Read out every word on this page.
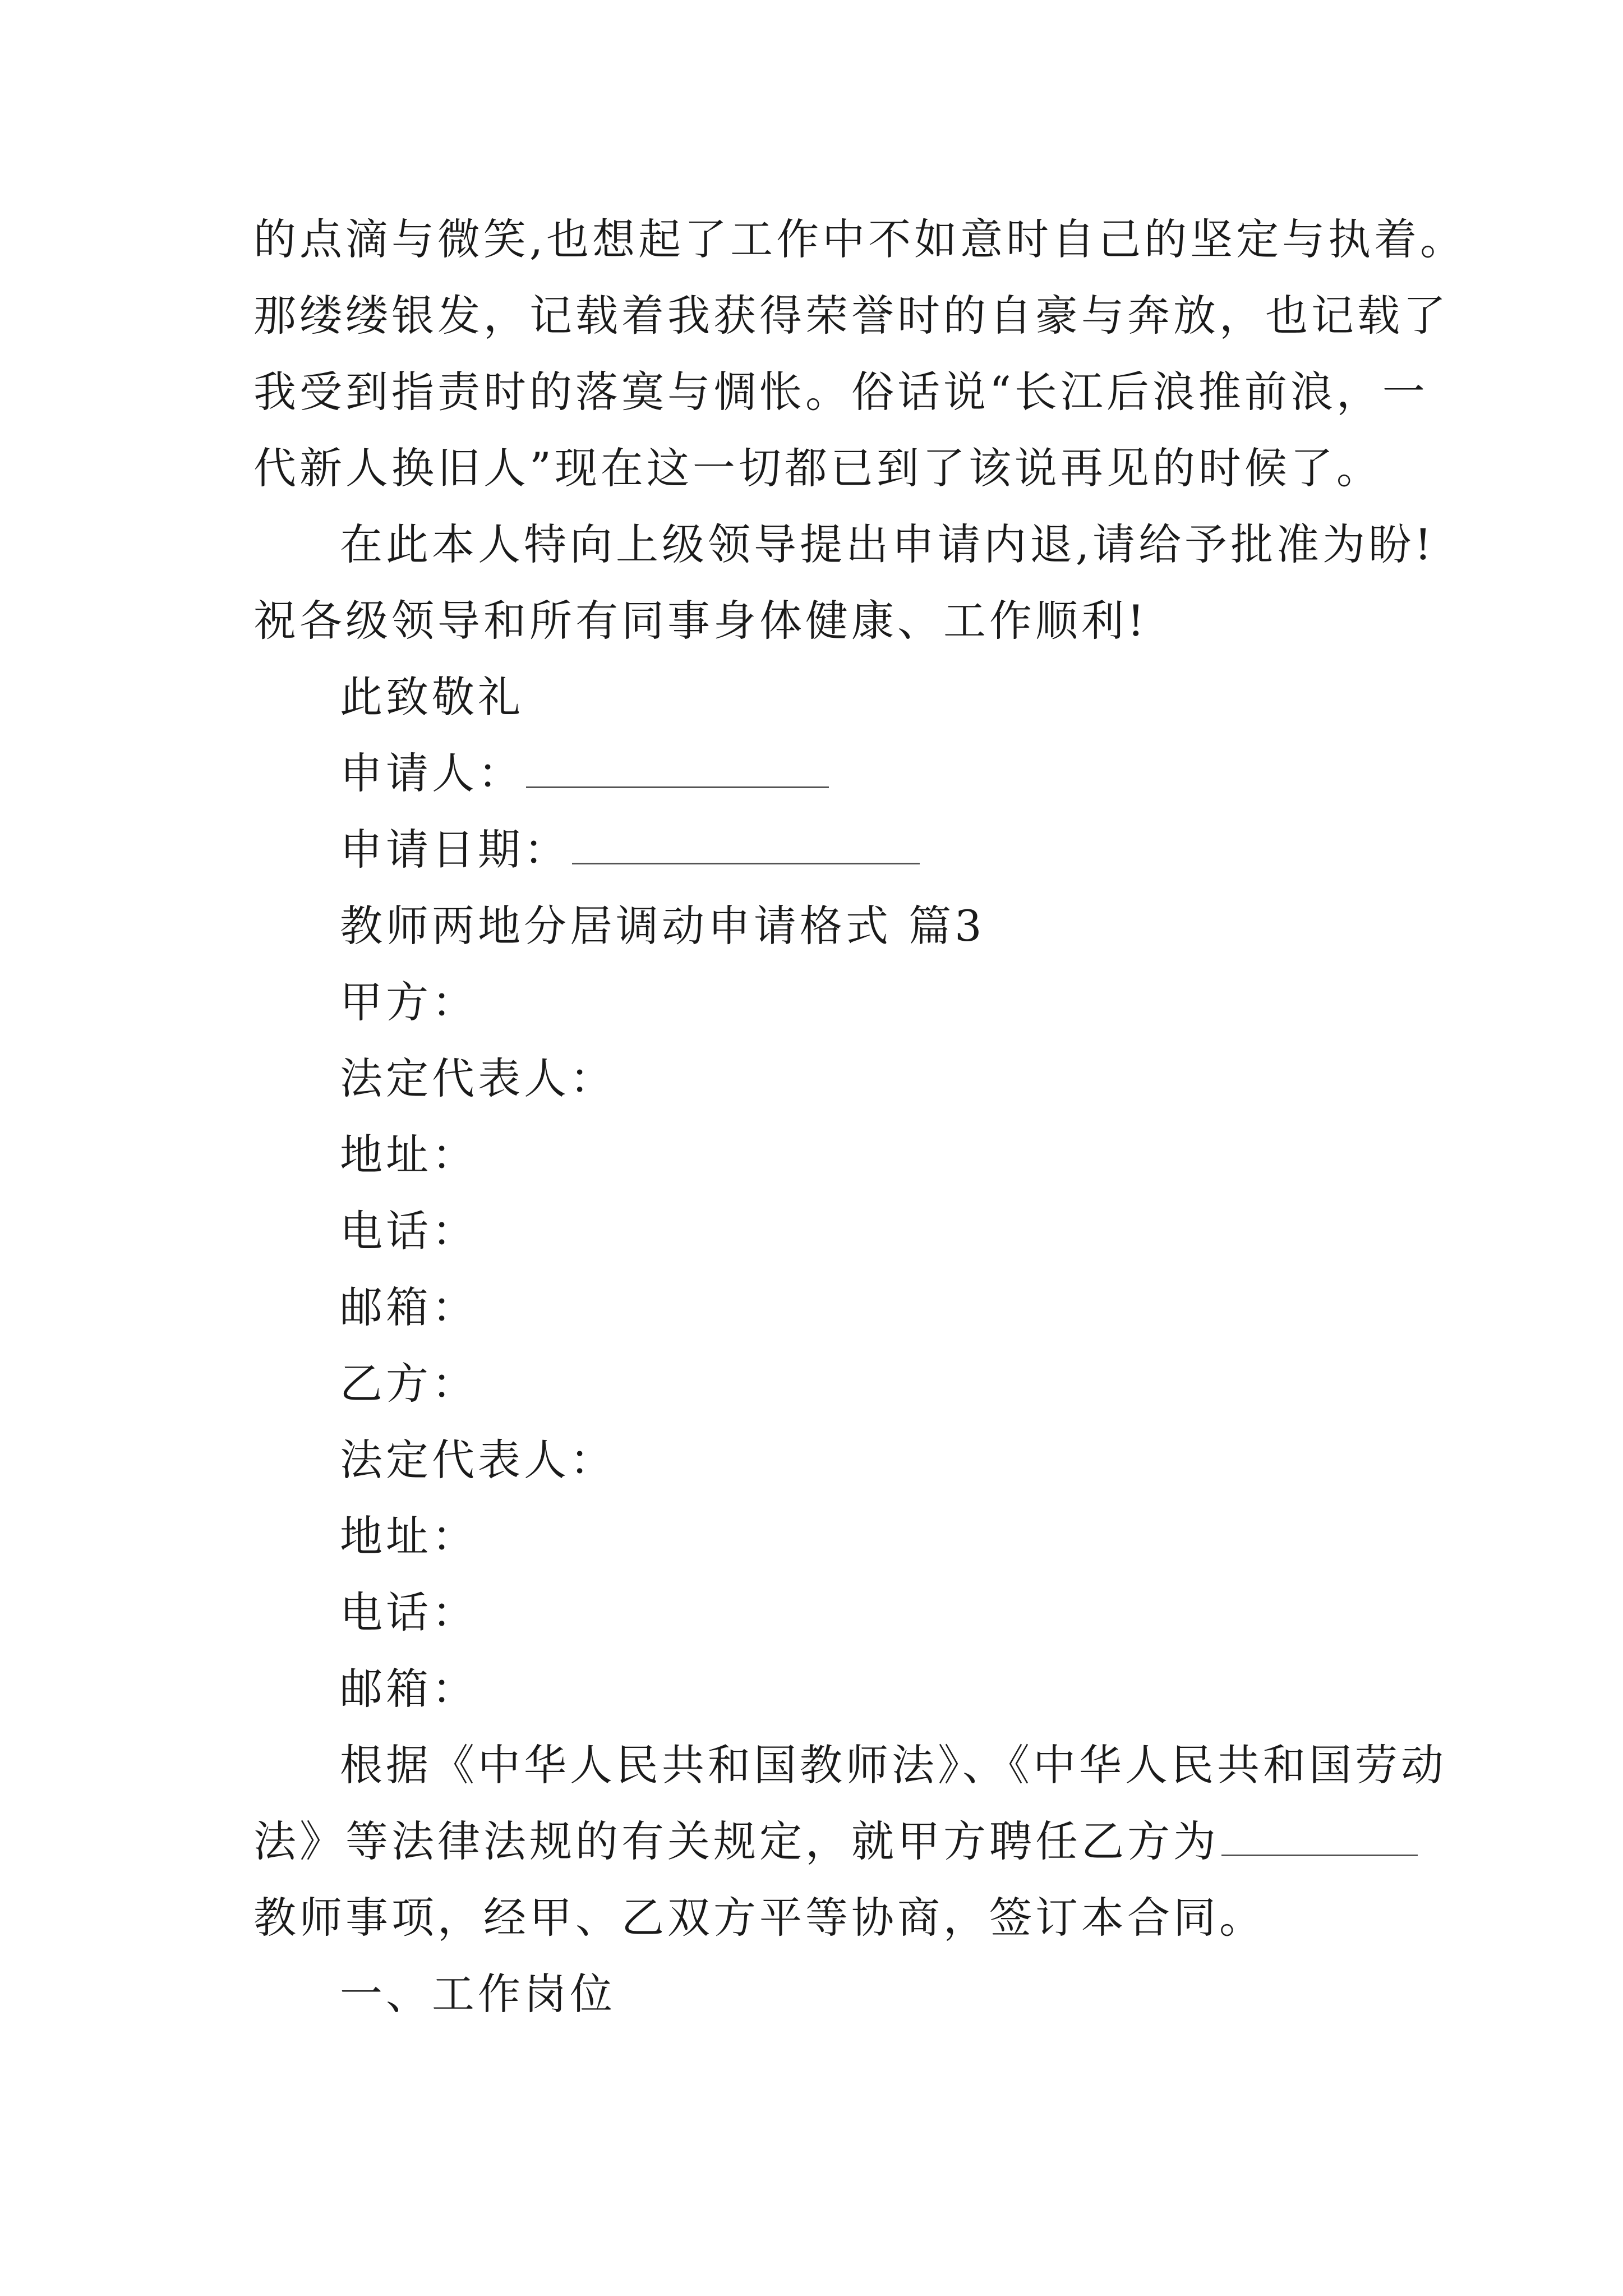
的点滴与微笑,也想起了工作中不如意时自己的坚定与执着。
那缕缕银发，记载着我获得荣誉时的自豪与奔放，也记载了
我受到指责时的落寞与惆怅。俗话说“长江后浪推前浪，一
代新人换旧人”现在这一切都已到了该说再见的时候了。
在此本人特向上级领导提出申请内退,请给予批准为盼!
祝各级领导和所有同事身体健康、工作顺利!
此致敬礼
申请人：
申请日期：
教师两地分居调动申请格式 篇3
甲方：
法定代表人：
地址：
电话：
邮箱：
乙方：
法定代表人：
地址：
电话：
邮箱：
根据《中华人民共和国教师法》、《中华人民共和国劳动
法》等法律法规的有关规定，就甲方聘任乙方为
教师事项，经甲、乙双方平等协商，签订本合同。
一、工作岗位
